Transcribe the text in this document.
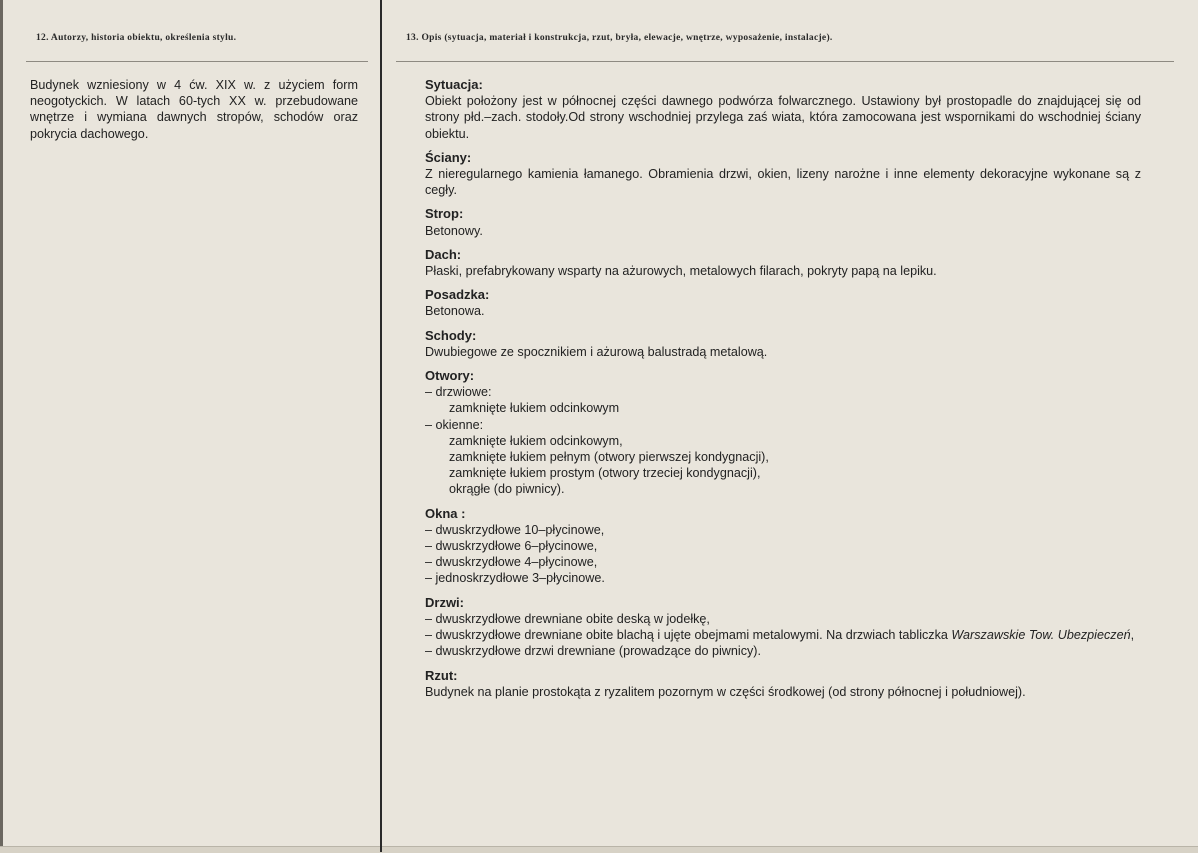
12. Autorzy, historia obiektu, określenia stylu.	13. Opis (sytuacja, materiał i konstrukcja, rzut, bryła, elewacje, wnętrze, wyposażenie, instalacje).
Budynek wzniesiony w 4 ćw. XIX w. z użyciem form neogotyckich. W latach 60-tych XX w. przebudowane wnętrze i wymiana dawnych stropów, schodów oraz pokrycia dachowego.
Sytuacja:
Obiekt położony jest w północnej części dawnego podwórza folwarcznego. Ustawiony był prostopadle do znajdującej się od strony płd.–zach. stodoły.Od strony wschodniej przylega zaś wiata, która zamocowana jest wspornikami do wschodniej ściany obiektu.
Ściany:
Z nieregularnego kamienia łamanego. Obramienia drzwi, okien, lizeny narożne i inne elementy dekoracyjne wykonane są z cegły.
Strop:
Betonowy.
Dach:
Płaski, prefabrykowany wsparty na ażurowych, metalowych filarach, pokryty papą na lepiku.
Posadzka:
Betonowa.
Schody:
Dwubiegowe ze spocznikiem i ażurową balustradą metalową.
Otwory:
– drzwiowe:
zamknięte łukiem odcinkowym
– okienne:
zamknięte łukiem odcinkowym,
zamknięte łukiem pełnym (otwory pierwszej kondygnacji),
zamknięte łukiem prostym (otwory trzeciej kondygnacji),
okrągłe (do piwnicy).
Okna :
– dwuskrzydłowe 10–płycinowe,
– dwuskrzydłowe 6–płycinowe,
– dwuskrzydłowe 4–płycinowe,
– jednoskrzydłowe 3–płycinowe.
Drzwi:
– dwuskrzydłowe drewniane obite deską w jodełkę,
– dwuskrzydłowe drewniane obite blachą i ujęte obejmami metalowymi. Na drzwiach tabliczka Warszawskie Tow. Ubezpieczeń,
– dwuskrzydłowe drzwi drewniane (prowadzące do piwnicy).
Rzut:
Budynek na planie prostokąta z ryzalitem pozornym w części środkowej (od strony północnej i południowej).
